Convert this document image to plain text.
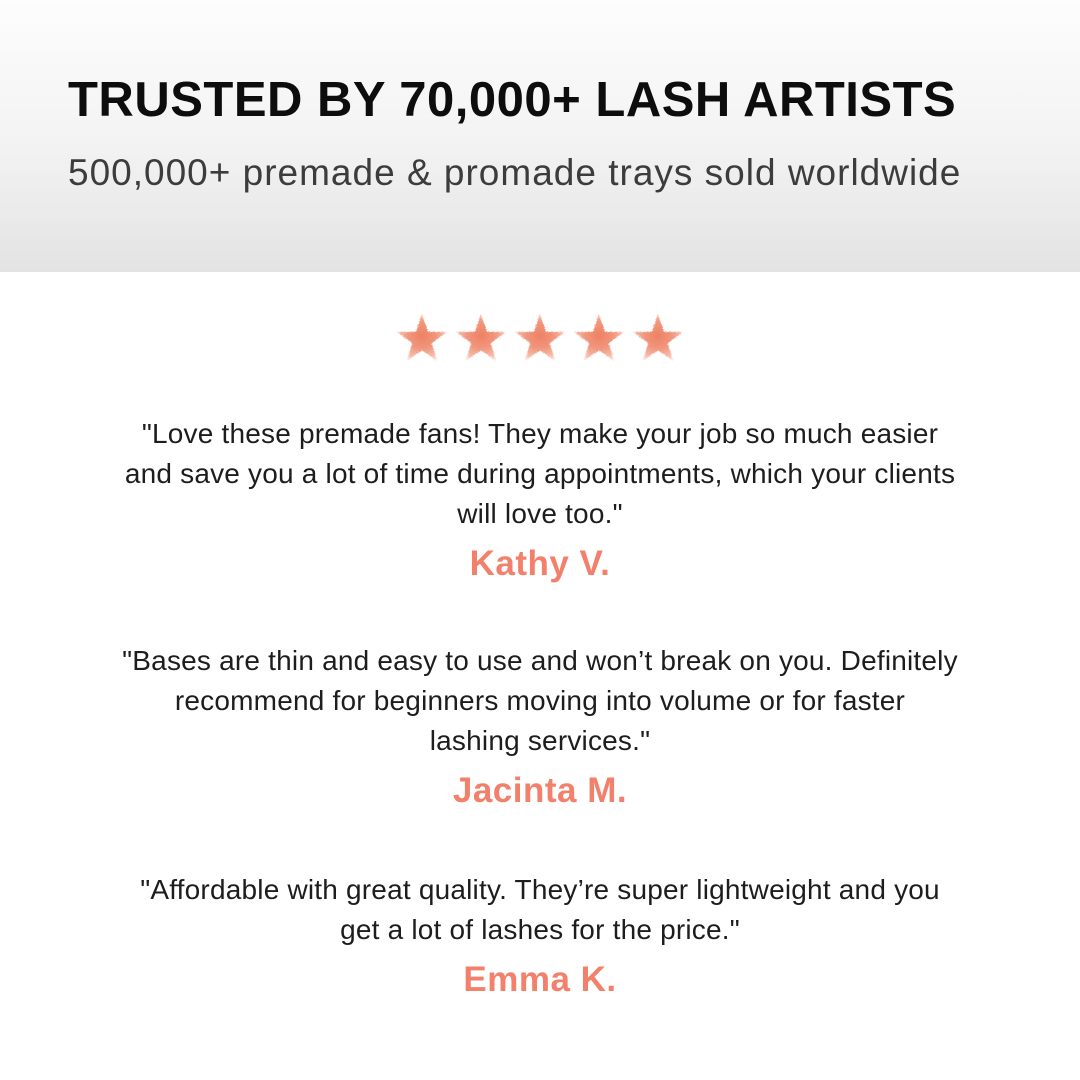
TRUSTED BY 70,000+ LASH ARTISTS

500,000+ premade & promade trays sold worldwide

"Love these premade fans! They make your job so much easier
and save you a lot of time during appointments, which your clients
will love too."
Kathy V.
"Bases are thin and easy to use and won’t break on you. Definitely
recommend for beginners moving into volume or for faster
lashing services."
Jacinta M.
"Affordable with great quality. They’re super lightweight and you
get a lot of lashes for the price."
Emma K.
